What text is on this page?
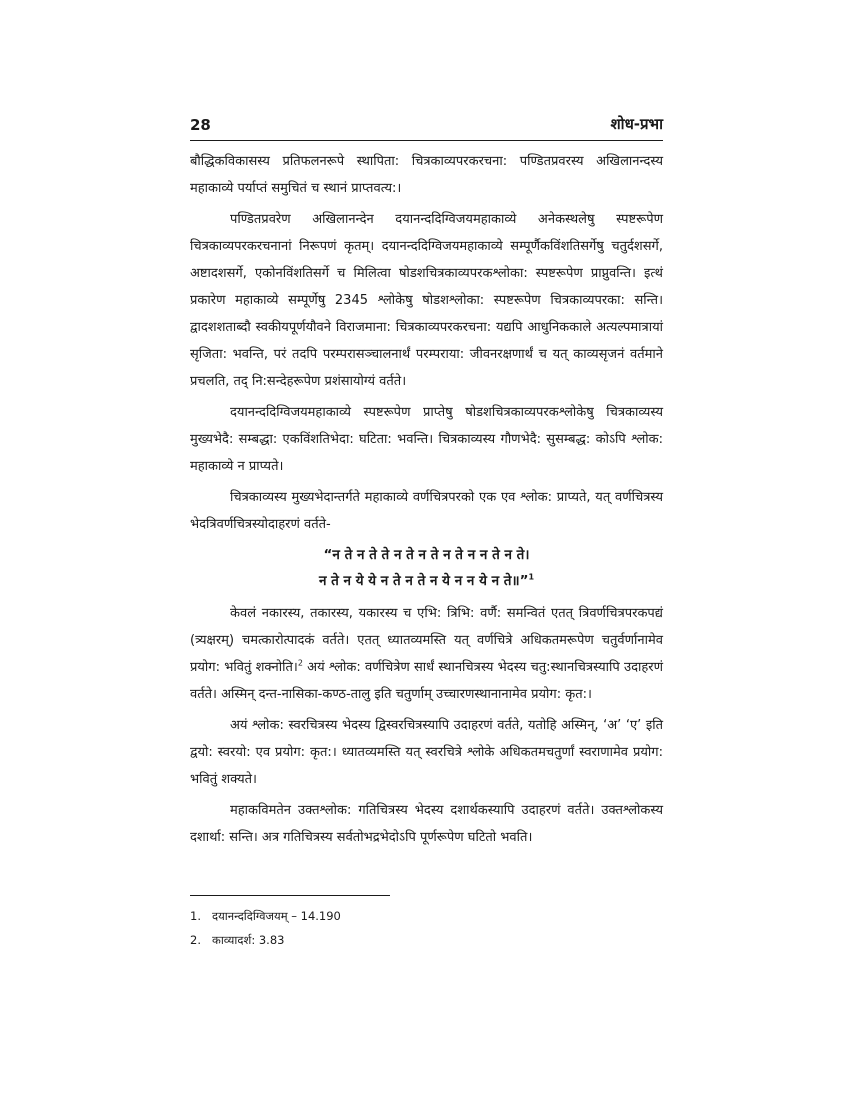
28	शोध-प्रभा

बौद्धिकविकासस्य प्रतिफलनरूपे स्थापिता: चित्रकाव्यपरकरचना: पण्डितप्रवरस्य अखिलानन्दस्य महाकाव्ये पर्याप्तं समुचितं च स्थानं प्राप्तवत्य:।

पण्डितप्रवरेण अखिलानन्देन दयानन्ददिग्विजयमहाकाव्ये अनेकस्थलेषु स्पष्टरूपेण चित्रकाव्यपरकरचनानां निरूपणं कृतम्। दयानन्ददिग्विजयमहाकाव्ये सम्पूर्णैकविंशतिसर्गेषु चतुर्दशसर्गे, अष्टादशसर्गे, एकोनविंशतिसर्गे च मिलित्वा षोडशचित्रकाव्यपरकश्लोका: स्पष्टरूपेण प्राप्नुवन्ति। इत्थं प्रकारेण महाकाव्ये सम्पूर्णेषु 2345 श्लोकेषु षोडशश्लोका: स्पष्टरूपेण चित्रकाव्यपरका: सन्ति। द्वादशशताब्दौ स्वकीयपूर्णयौवने विराजमाना: चित्रकाव्यपरकरचना: यद्यपि आधुनिककाले अत्यल्पमात्रायां सृजिता: भवन्ति, परं तदपि परम्परासञ्चालनार्थं परम्पराया: जीवनरक्षणार्थं च यत् काव्यसृजनं वर्तमाने प्रचलति, तद् नि:सन्देहरूपेण प्रशंसायोग्यं वर्तते।

दयानन्ददिग्विजयमहाकाव्ये स्पष्टरूपेण प्राप्तेषु षोडशचित्रकाव्यपरकश्लोकेषु चित्रकाव्यस्य मुख्यभेदै: सम्बद्धा: एकविंशतिभेदा: घटिता: भवन्ति। चित्रकाव्यस्य गौणभेदै: सुसम्बद्ध: कोऽपि श्लोक: महाकाव्ये न प्राप्यते।

चित्रकाव्यस्य मुख्यभेदान्तर्गते महाकाव्ये वर्णचित्रपरको एक एव श्लोक: प्राप्यते, यत् वर्णचित्रस्य भेदत्रिवर्णचित्रस्योदाहरणं वर्तते-

“न ते न ते ते न ते न ते न ते न न ते न ते।
न ते न ये ये न ते न ते न ये न न ये न ते॥”$^1$

केवलं नकारस्य, तकारस्य, यकारस्य च एभि: त्रिभि: वर्णै: समन्वितं एतत् त्रिवर्णचित्रपरकपद्यं (त्र्यक्षरम्) चमत्कारोत्पादकं वर्तते। एतत् ध्यातव्यमस्ति यत् वर्णचित्रे अधिकतमरूपेण चतुर्वर्णानामेव प्रयोग: भवितुं शक्नोति।$^2$ अयं श्लोक: वर्णचित्रेण सार्धं स्थानचित्रस्य भेदस्य चतु:स्थानचित्रस्यापि उदाहरणं वर्तते। अस्मिन् दन्त-नासिका-कण्ठ-तालु इति चतुर्णाम् उच्चारणस्थानानामेव प्रयोग: कृत:।

अयं श्लोक: स्वरचित्रस्य भेदस्य द्विस्वरचित्रस्यापि उदाहरणं वर्तते, यतोहि अस्मिन्, ‘अ’ ‘ए’ इति द्वयो: स्वरयो: एव प्रयोग: कृत:। ध्यातव्यमस्ति यत् स्वरचित्रे श्लोके अधिकतमचतुर्णां स्वराणामेव प्रयोग: भवितुं शक्यते।

महाकविमतेन उक्तश्लोक: गतिचित्रस्य भेदस्य दशार्थकस्यापि उदाहरणं वर्तते। उक्तश्लोकस्य दशार्था: सन्ति। अत्र गतिचित्रस्य सर्वतोभद्रभेदोऽपि पूर्णरूपेण घटितो भवति।

1. दयानन्ददिग्विजयम् – 14.190
2. काव्यादर्श: 3.83
